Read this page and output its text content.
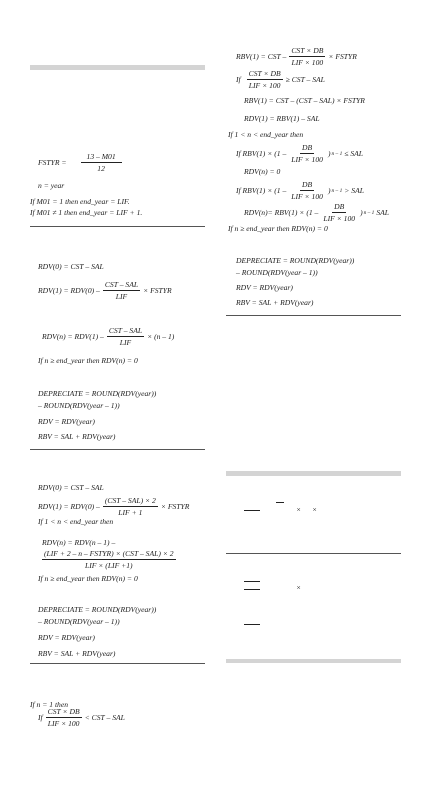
FSTYR = $\frac{13 - M01}{12}$
n = year
If M01 = 1 then end_year = LIF.
If M01 ≠ 1 then end_year = LIF + 1.
RDV(0) = CST – SAL
$RDV(1) = RDV(0) - \frac{\text{CST – SAL}}{\text{LIF}}$ × FSTYR
$RDV(n) = RDV(1) - \frac{\text{CST – SAL}}{\text{LIF}} \times (n - 1)$
If n ≥ end_year then RDV(n) = 0
DEPRECIATE = ROUND(RDV(year))
– ROUND(RDV(year – 1))
RDV = RDV(year)
RBV = SAL + RDV(year)
RDV(0) = CST – SAL
$RDV(1) = RDV(0) - \frac{\text{(CST – SAL) × 2}}{\text{LIF + 1}}$ × FSTYR
If 1 < n < end_year then
RDV(n) = RDV(n – 1) –
(LIF + 2 – n – FSTYR) × (CST – SAL) × 2
LIF × (LIF +1)
If n ≥ end_year then RDV(n) = 0
DEPRECIATE = ROUND(RDV(year))
– ROUND(RDV(year – 1))
RDV = RDV(year)
RBV = SAL + RDV(year)
If n = 1 then
If $\frac{\text{CST × DB}}{\text{LIF × 100}}$ < CST – SAL
RBV(1) = CST – $\frac{\text{CST × DB}}{\text{LIF × 100}}$ × FSTYR
If $\frac{\text{CST × DB}}{\text{LIF × 100}}$ ≥ CST – SAL
RBV(1) = CST – (CST – SAL) × FSTYR
RDV(1) = RBV(1) – SAL
If 1 < n < end_year then
If $RBV(1) \times (1 - \frac{DB}{\text{LIF × 100}}$ ) n – 1 ≤ SAL
RDV(n) = 0
If $RBV(1) \times (1 - \frac{DB}{\text{LIF × 100}}$ ) n – 1 > SAL
$RDV(n)= RBV(1) \times (1 - \frac{DB}{\text{LIF × 100}}$ ) n – 1 SAL
If n ≥ end_year then RDV(n) = 0
DEPRECIATE = ROUND(RDV(year))
– ROUND(RDV(year – 1))
RDV = RDV(year)
RBV = SAL + RDV(year)
× ×
×
